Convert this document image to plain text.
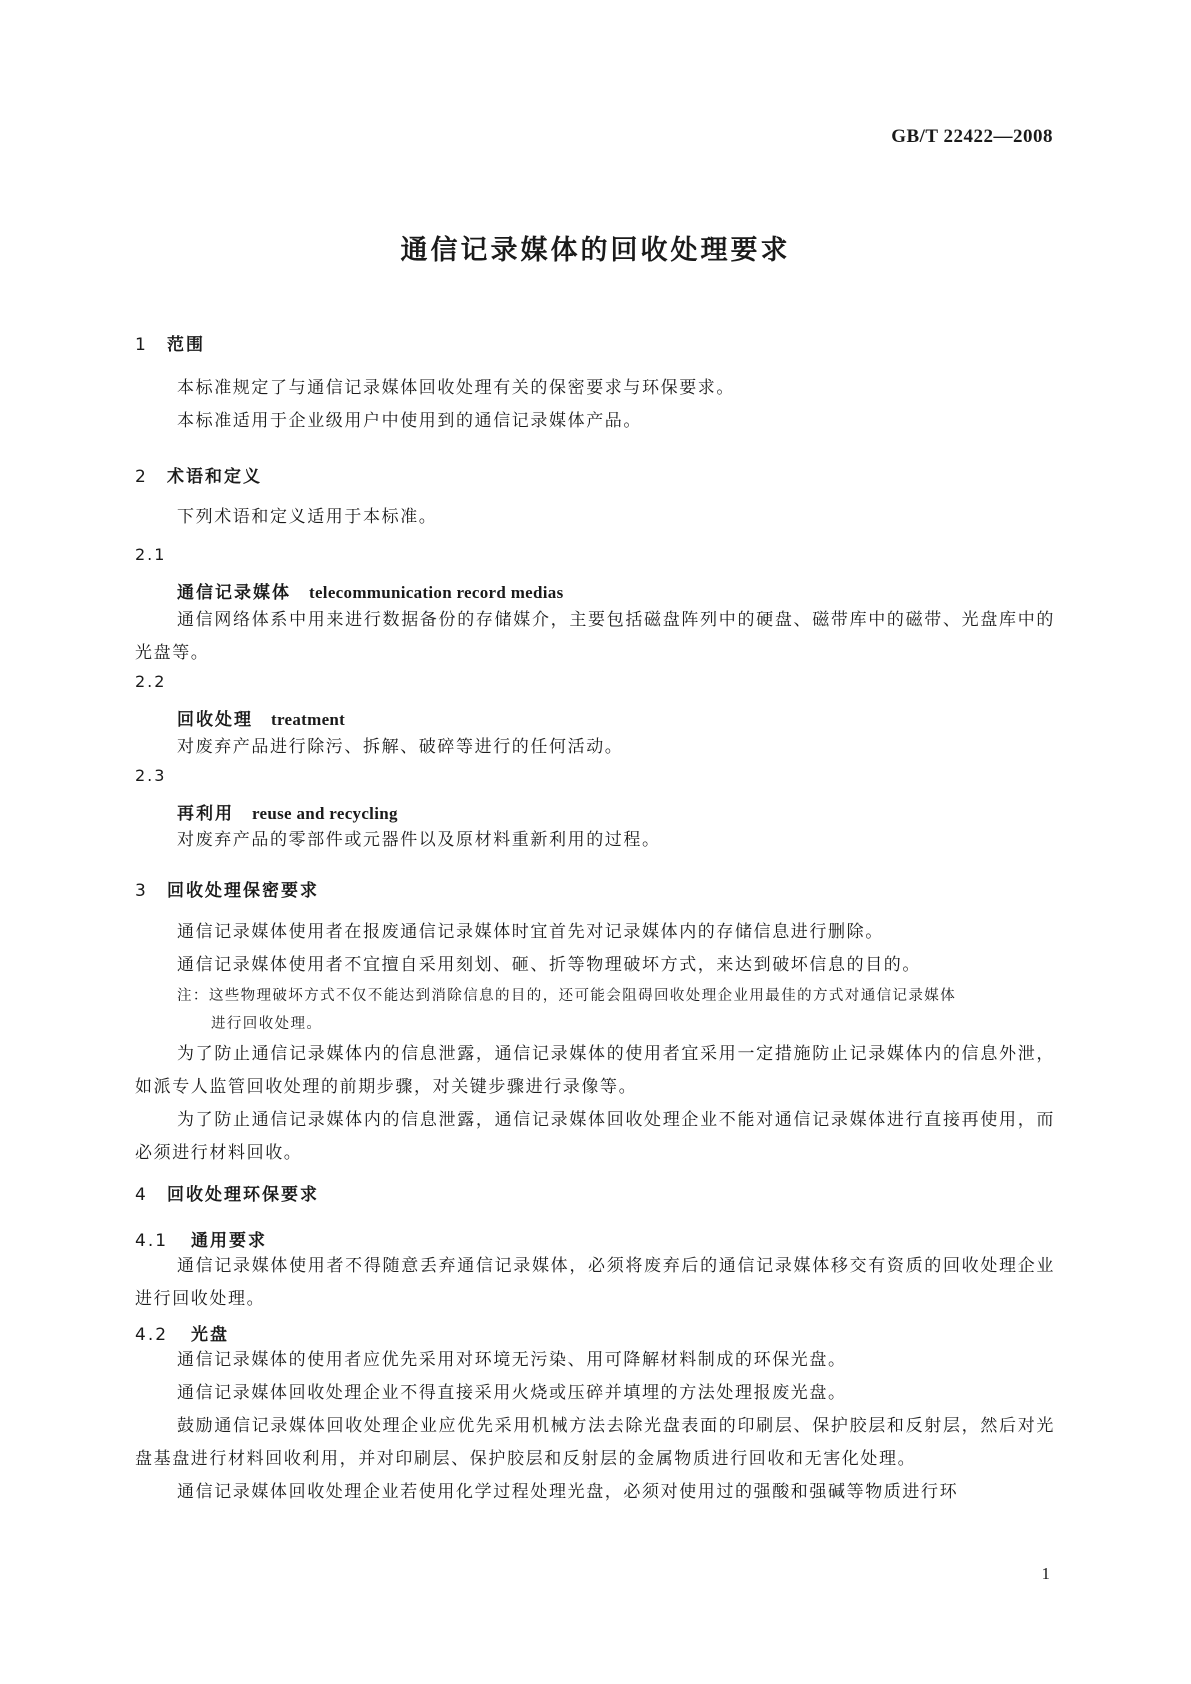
GB/T 22422—2008
通信记录媒体的回收处理要求
1 范围
本标准规定了与通信记录媒体回收处理有关的保密要求与环保要求。
本标准适用于企业级用户中使用到的通信记录媒体产品。
2 术语和定义
下列术语和定义适用于本标准。
2.1
通信记录媒体 telecommunication record medias
通信网络体系中用来进行数据备份的存储媒介，主要包括磁盘阵列中的硬盘、磁带库中的磁带、光盘库中的光盘等。
2.2
回收处理 treatment
对废弃产品进行除污、拆解、破碎等进行的任何活动。
2.3
再利用 reuse and recycling
对废弃产品的零部件或元器件以及原材料重新利用的过程。
3 回收处理保密要求
通信记录媒体使用者在报废通信记录媒体时宜首先对记录媒体内的存储信息进行删除。
通信记录媒体使用者不宜擅自采用刻划、砸、折等物理破坏方式，来达到破坏信息的目的。
注：这些物理破坏方式不仅不能达到消除信息的目的，还可能会阻碍回收处理企业用最佳的方式对通信记录媒体
进行回收处理。
为了防止通信记录媒体内的信息泄露，通信记录媒体的使用者宜采用一定措施防止记录媒体内的信息外泄，如派专人监管回收处理的前期步骤，对关键步骤进行录像等。
为了防止通信记录媒体内的信息泄露，通信记录媒体回收处理企业不能对通信记录媒体进行直接再使用，而必须进行材料回收。
4 回收处理环保要求
4.1 通用要求
通信记录媒体使用者不得随意丢弃通信记录媒体，必须将废弃后的通信记录媒体移交有资质的回收处理企业进行回收处理。
4.2 光盘
通信记录媒体的使用者应优先采用对环境无污染、用可降解材料制成的环保光盘。
通信记录媒体回收处理企业不得直接采用火烧或压碎并填埋的方法处理报废光盘。
鼓励通信记录媒体回收处理企业应优先采用机械方法去除光盘表面的印刷层、保护胶层和反射层，然后对光盘基盘进行材料回收利用，并对印刷层、保护胶层和反射层的金属物质进行回收和无害化处理。
通信记录媒体回收处理企业若使用化学过程处理光盘，必须对使用过的强酸和强碱等物质进行环
1
